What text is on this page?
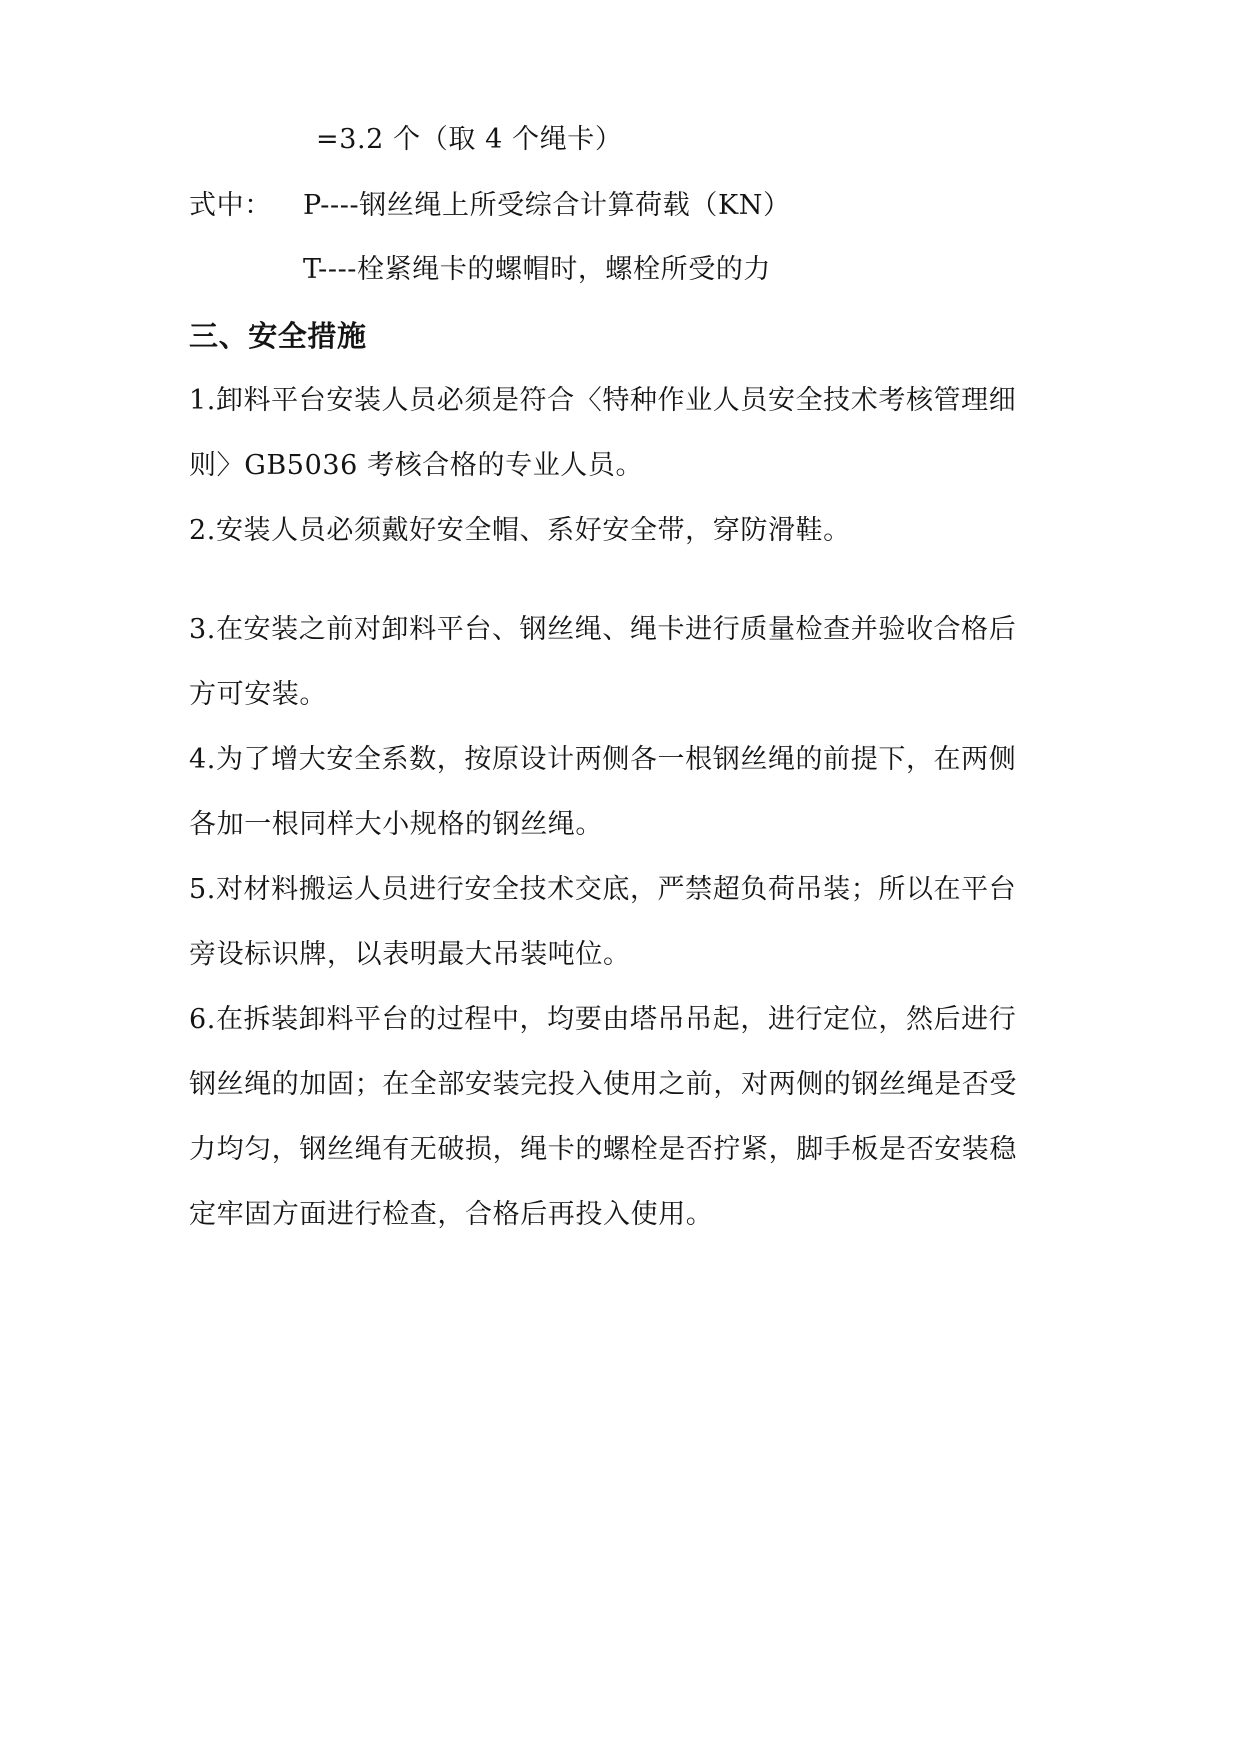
=3.2 个（取 4 个绳卡）
式中： P----钢丝绳上所受综合计算荷载（KN）
T----栓紧绳卡的螺帽时，螺栓所受的力
三、安全措施
1.卸料平台安装人员必须是符合〈特种作业人员安全技术考核管理细
则〉GB5036 考核合格的专业人员。
2.安装人员必须戴好安全帽、系好安全带，穿防滑鞋。
3.在安装之前对卸料平台、钢丝绳、绳卡进行质量检查并验收合格后
方可安装。
4.为了增大安全系数，按原设计两侧各一根钢丝绳的前提下，在两侧
各加一根同样大小规格的钢丝绳。
5.对材料搬运人员进行安全技术交底，严禁超负荷吊装；所以在平台
旁设标识牌，以表明最大吊装吨位。
6.在拆装卸料平台的过程中，均要由塔吊吊起，进行定位，然后进行
钢丝绳的加固；在全部安装完投入使用之前，对两侧的钢丝绳是否受
力均匀，钢丝绳有无破损，绳卡的螺栓是否拧紧，脚手板是否安装稳
定牢固方面进行检查，合格后再投入使用。
